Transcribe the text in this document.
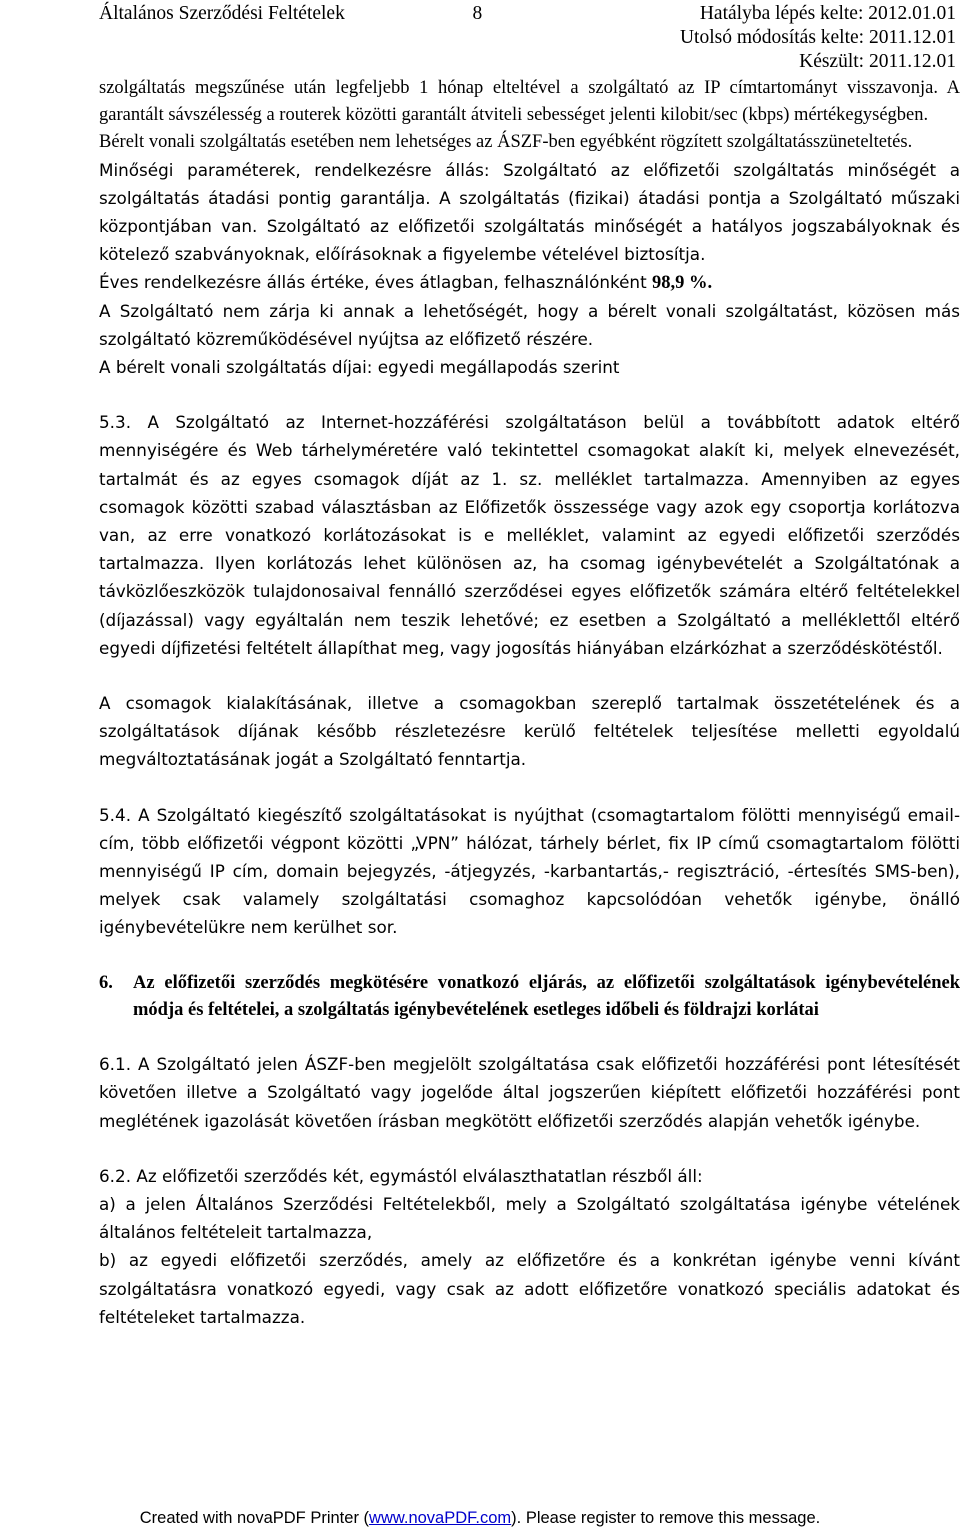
Általános Szerződési Feltételek	8	Hatályba lépés kelte: 2012.01.01
Utolsó módosítás kelte: 2011.12.01
Készült: 2011.12.01

szolgáltatás megszűnése után legfeljebb 1 hónap elteltével a szolgáltató az IP címtartományt visszavonja. A garantált sávszélesség a routerek közötti garantált átviteli sebességet jelenti kilobit/sec (kbps) mértékegységben.

Bérelt vonali szolgáltatás esetében nem lehetséges az ÁSZF-ben egyébként rögzített szolgáltatásszüneteltetés.

Minőségi paraméterek, rendelkezésre állás: Szolgáltató az előfizetői szolgáltatás minőségét a szolgáltatás átadási pontig garantálja. A szolgáltatás (fizikai) átadási pontja a Szolgáltató műszaki központjában van. Szolgáltató az előfizetői szolgáltatás minőségét a hatályos jogszabályoknak és kötelező szabványoknak, előírásoknak a figyelembe vételével biztosítja.

Éves rendelkezésre állás értéke, éves átlagban, felhasználónként 98,9 %.

A Szolgáltató nem zárja ki annak a lehetőségét, hogy a bérelt vonali szolgáltatást, közösen más szolgáltató közreműködésével nyújtsa az előfizető részére.

A bérelt vonali szolgáltatás díjai: egyedi megállapodás szerint

5.3. A Szolgáltató az Internet-hozzáférési szolgáltatáson belül a továbbított adatok eltérő mennyiségére és Web tárhelyméretére való tekintettel csomagokat alakít ki, melyek elnevezését, tartalmát és az egyes csomagok díját az 1. sz. melléklet tartalmazza. Amennyiben az egyes csomagok közötti szabad választásban az Előfizetők összessége vagy azok egy csoportja korlátozva van, az erre vonatkozó korlátozásokat is e melléklet, valamint az egyedi előfizetői szerződés tartalmazza. Ilyen korlátozás lehet különösen az, ha csomag igénybevételét a Szolgáltatónak a távközlőeszközök tulajdonosaival fennálló szerződései egyes előfizetők számára eltérő feltételekkel (díjazással) vagy egyáltalán nem teszik lehetővé; ez esetben a Szolgáltató a melléklettől eltérő egyedi díjfizetési feltételt állapíthat meg, vagy jogosítás hiányában elzárkózhat a szerződéskötéstől.

A csomagok kialakításának, illetve a csomagokban szereplő tartalmak összetételének és a szolgáltatások díjának később részletezésre kerülő feltételek teljesítése melletti egyoldalú megváltoztatásának jogát a Szolgáltató fenntartja.

5.4. A Szolgáltató kiegészítő szolgáltatásokat is nyújthat (csomagtartalom fölötti mennyiségű email-cím, több előfizetői végpont közötti „VPN” hálózat, tárhely bérlet, fix IP című csomagtartalom fölötti mennyiségű IP cím, domain bejegyzés, -átjegyzés, -karbantartás,- regisztráció, -értesítés SMS-ben), melyek csak valamely szolgáltatási csomaghoz kapcsolódóan vehetők igénybe, önálló igénybevételükre nem kerülhet sor.

6.	Az előfizetői szerződés megkötésére vonatkozó eljárás, az előfizetői szolgáltatások igénybevételének módja és feltételei, a szolgáltatás igénybevételének esetleges időbeli és földrajzi korlátai

6.1. A Szolgáltató jelen ÁSZF-ben megjelölt szolgáltatása csak előfizetői hozzáférési pont létesítését követően illetve a Szolgáltató vagy jogelőde által jogszerűen kiépített előfizetői hozzáférési pont meglétének igazolását követően írásban megkötött előfizetői szerződés alapján vehetők igénybe.

6.2. Az előfizetői szerződés két, egymástól elválaszthatatlan részből áll:

a) a jelen Általános Szerződési Feltételekből, mely a Szolgáltató szolgáltatása igénybe vételének általános feltételeit tartalmazza,

b) az egyedi előfizetői szerződés, amely az előfizetőre és a konkrétan igénybe venni kívánt szolgáltatásra vonatkozó egyedi, vagy csak az adott előfizetőre vonatkozó speciális adatokat és feltételeket tartalmazza.

Created with novaPDF Printer (www.novaPDF.com). Please register to remove this message.
